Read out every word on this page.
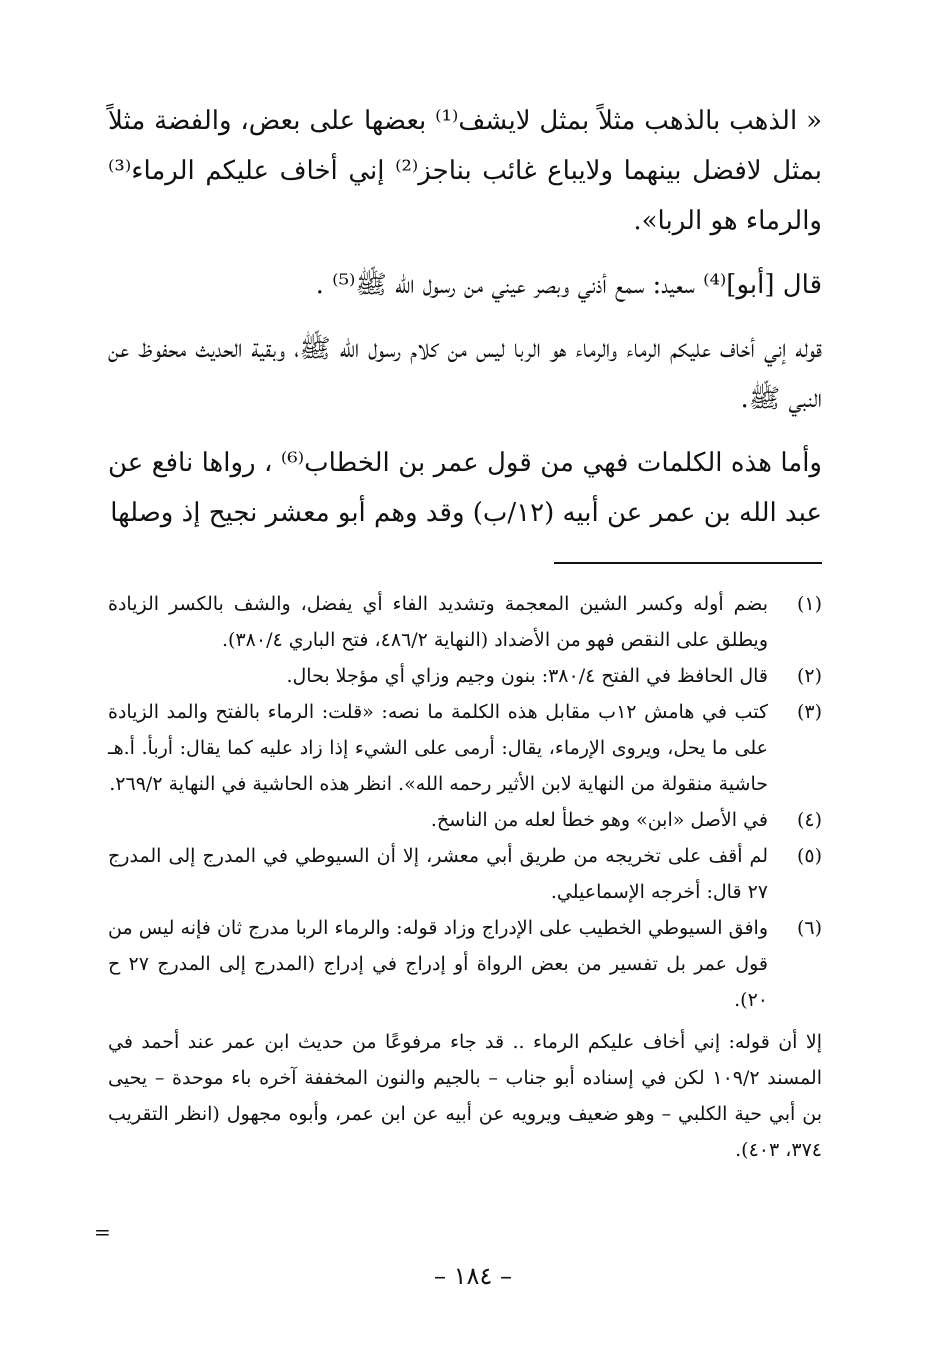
« الذهب بالذهب مثلاً بمثل لايشف⁽¹⁾ بعضها على بعض، والفضة مثلاً بمثل لافضل بينهما ولايباع غائب بناجز⁽²⁾ إني أخاف عليكم الرماء⁽³⁾ والرماء هو الربا».

قال [أبو]⁽⁴⁾ سعيد: سمع أذني وبصر عيني من رسول الله ﷺ⁽⁵⁾ .

قوله إني أخاف عليكم الرماء والرماء هو الربا ليس من كلام رسول الله ﷺ، وبقية الحديث محفوظ عن النبي ﷺ.

وأما هذه الكلمات فهي من قول عمر بن الخطاب⁽⁶⁾ ، رواها نافع عن عبد الله بن عمر عن أبيه (١٢/ب) وقد وهم أبو معشر نجيح إذ وصلها

(١)
بضم أوله وكسر الشين المعجمة وتشديد الفاء أي يفضل، والشف بالكسر الزيادة ويطلق على النقص فهو من الأضداد (النهاية ٤٨٦/٢، فتح الباري ٣٨٠/٤).
(٢)
قال الحافظ في الفتح ٣٨٠/٤: بنون وجيم وزاي أي مؤجلا بحال.
(٣)
كتب في هامش ١٢ب مقابل هذه الكلمة ما نصه: «قلت: الرماء بالفتح والمد الزيادة على ما يحل، ويروى الإرماء، يقال: أرمى على الشيء إذا زاد عليه كما يقال: أربأ. أ.هـ حاشية منقولة من النهاية لابن الأثير رحمه الله». انظر هذه الحاشية في النهاية ٢٦٩/٢.
(٤)
في الأصل «ابن» وهو خطأ لعله من الناسخ.
(٥)
لم أقف على تخريجه من طريق أبي معشر، إلا أن السيوطي في المدرج إلى المدرج ٢٧ قال: أخرجه الإسماعيلي.
(٦)
وافق السيوطي الخطيب على الإدراج وزاد قوله: والرماء الربا مدرج ثان فإنه ليس من قول عمر بل تفسير من بعض الرواة أو إدراج في إدراج (المدرج إلى المدرج ٢٧ ح ٢٠).

إلا أن قوله: إني أخاف عليكم الرماء .. قد جاء مرفوعًا من حديث ابن عمر عند أحمد في المسند ١٠٩/٢ لكن في إسناده أبو جناب – بالجيم والنون المخففة آخره باء موحدة – يحيى بن أبي حية الكلبي – وهو ضعيف ويرويه عن أبيه عن ابن عمر، وأبوه مجهول (انظر التقريب ٣٧٤، ٤٠٣).

=
– ١٨٤ –
